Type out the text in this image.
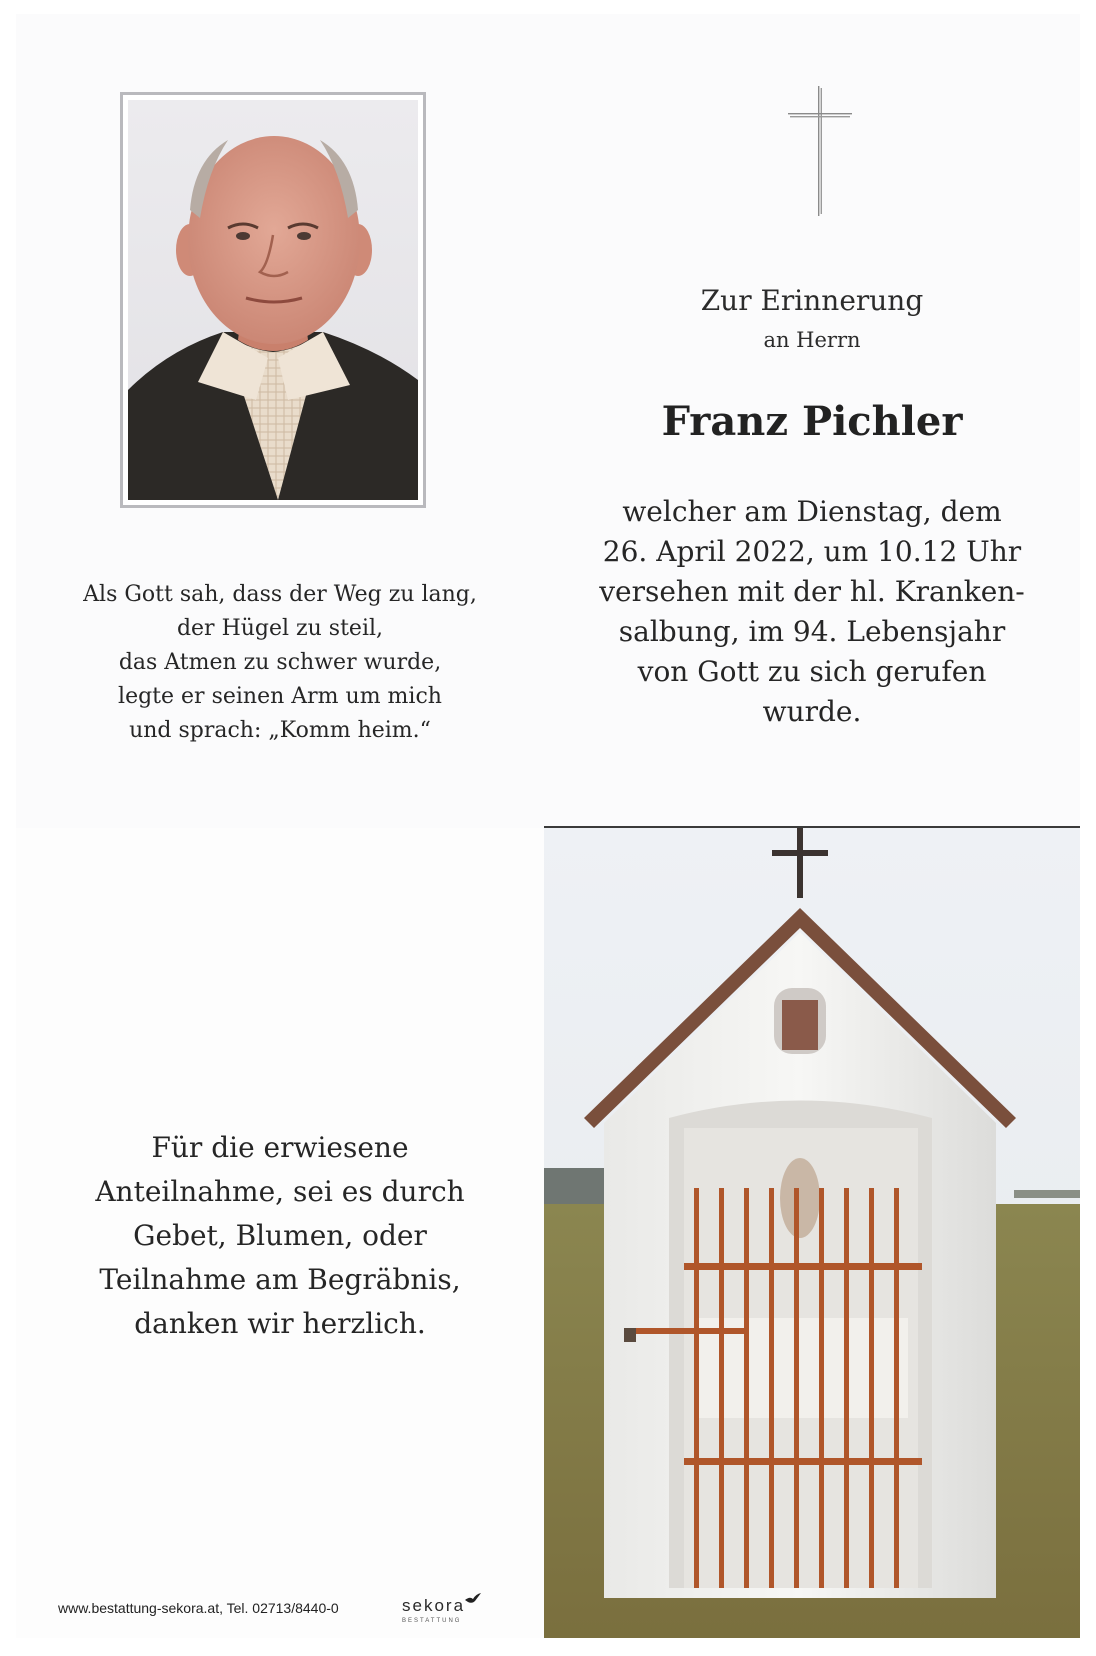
Als Gott sah, dass der Weg zu lang,
der Hügel zu steil,
das Atmen zu schwer wurde,
legte er seinen Arm um mich
und sprach: „Komm heim.“
Zur Erinnerung
an Herrn
Franz Pichler
welcher am Dienstag, dem
26. April 2022, um 10.12 Uhr
versehen mit der hl. Kranken-
salbung, im 94. Lebensjahr
von Gott zu sich gerufen
wurde.
Für die erwiesene
Anteilnahme, sei es durch
Gebet, Blumen, oder
Teilnahme am Begräbnis,
danken wir herzlich.
www.bestattung-sekora.at, Tel. 02713/8440-0	sekora
BESTATTUNG
